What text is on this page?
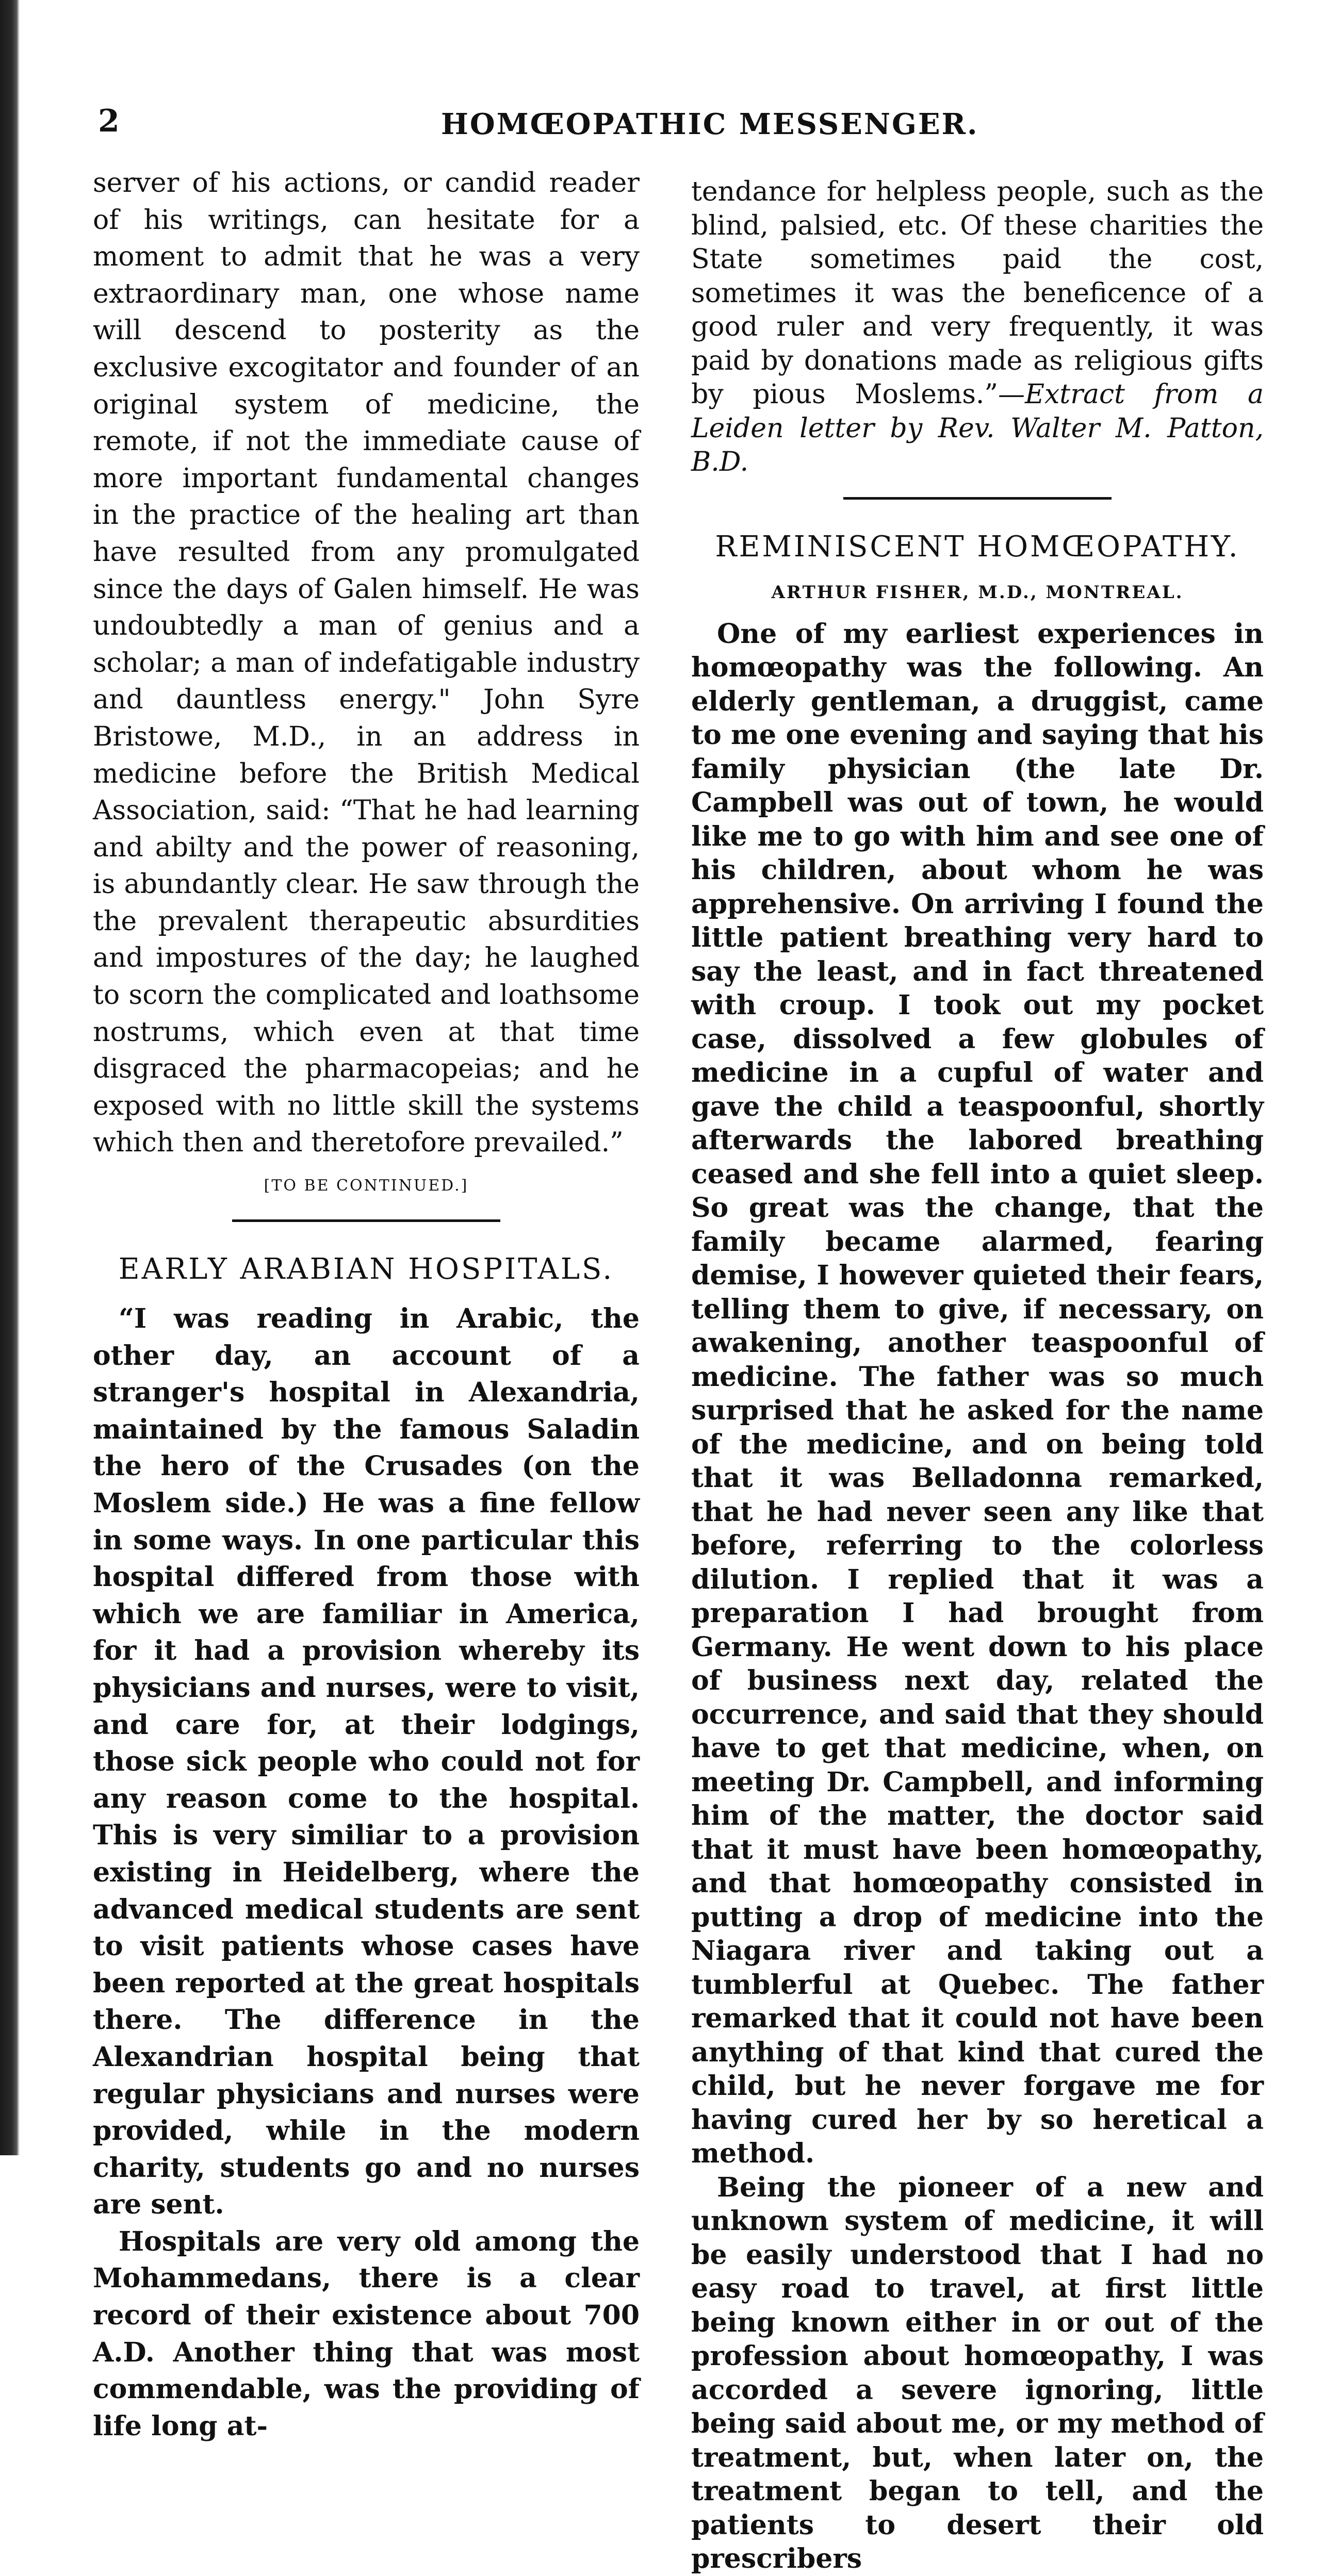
2	HOMŒOPATHIC MESSENGER.

server of his actions, or candid reader of his writings, can hesitate for a moment to admit that he was a very extraordinary man, one whose name will descend to posterity as the exclusive excogitator and founder of an original system of medicine, the remote, if not the immediate cause of more important fundamental changes in the practice of the healing art than have resulted from any promulgated since the days of Galen himself. He was undoubtedly a man of genius and a scholar; a man of indefatigable industry and dauntless energy." John Syre Bristowe, M.D., in an address in medicine before the British Medical Association, said: “That he had learning and abilty and the power of reasoning, is abundantly clear. He saw through the the prevalent therapeutic absurdities and impostures of the day; he laughed to scorn the complicated and loathsome nostrums, which even at that time disgraced the pharmacopeias; and he exposed with no little skill the systems which then and theretofore prevailed.”

[TO BE CONTINUED.]
EARLY ARABIAN HOSPITALS.

“I was reading in Arabic, the other day, an account of a stranger's hospital in Alexandria, maintained by the famous Saladin the hero of the Crusades (on the Moslem side.) He was a fine fellow in some ways. In one particular this hospital differed from those with which we are familiar in America, for it had a provision whereby its physicians and nurses, were to visit, and care for, at their lodgings, those sick people who could not for any reason come to the hospital. This is very similiar to a provision existing in Heidelberg, where the advanced medical students are sent to visit patients whose cases have been reported at the great hospitals there. The difference in the Alexandrian hospital being that regular physicians and nurses were provided, while in the modern charity, students go and no nurses are sent.

Hospitals are very old among the Mohammedans, there is a clear record of their existence about 700 A.D. Another thing that was most commendable, was the providing of life long at-

tendance for helpless people, such as the blind, palsied, etc. Of these charities the State sometimes paid the cost, sometimes it was the beneficence of a good ruler and very frequently, it was paid by donations made as religious gifts by pious Moslems.”—Extract from a Leiden letter by Rev. Walter M. Patton, B.D.

REMINISCENT HOMŒOPATHY.
ARTHUR FISHER, M.D., MONTREAL.

One of my earliest experiences in homœopathy was the following. An elderly gentleman, a druggist, came to me one evening and saying that his family physician (the late Dr. Campbell was out of town, he would like me to go with him and see one of his children, about whom he was apprehensive. On arriving I found the little patient breathing very hard to say the least, and in fact threatened with croup. I took out my pocket case, dissolved a few globules of medicine in a cupful of water and gave the child a teaspoonful, shortly afterwards the labored breathing ceased and she fell into a quiet sleep. So great was the change, that the family became alarmed, fearing demise, I however quieted their fears, telling them to give, if necessary, on awakening, another teaspoonful of medicine. The father was so much surprised that he asked for the name of the medicine, and on being told that it was Belladonna remarked, that he had never seen any like that before, referring to the colorless dilution. I replied that it was a preparation I had brought from Germany. He went down to his place of business next day, related the occurrence, and said that they should have to get that medicine, when, on meeting Dr. Campbell, and informing him of the matter, the doctor said that it must have been homœopathy, and that homœopathy consisted in putting a drop of medicine into the Niagara river and taking out a tumblerful at Quebec. The father remarked that it could not have been anything of that kind that cured the child, but he never forgave me for having cured her by so heretical a method.

Being the pioneer of a new and unknown system of medicine, it will be easily understood that I had no easy road to travel, at first little being known either in or out of the profession about homœopathy, I was accorded a severe ignoring, little being said about me, or my method of treatment, but, when later on, the treatment began to tell, and the patients to desert their old prescribers
